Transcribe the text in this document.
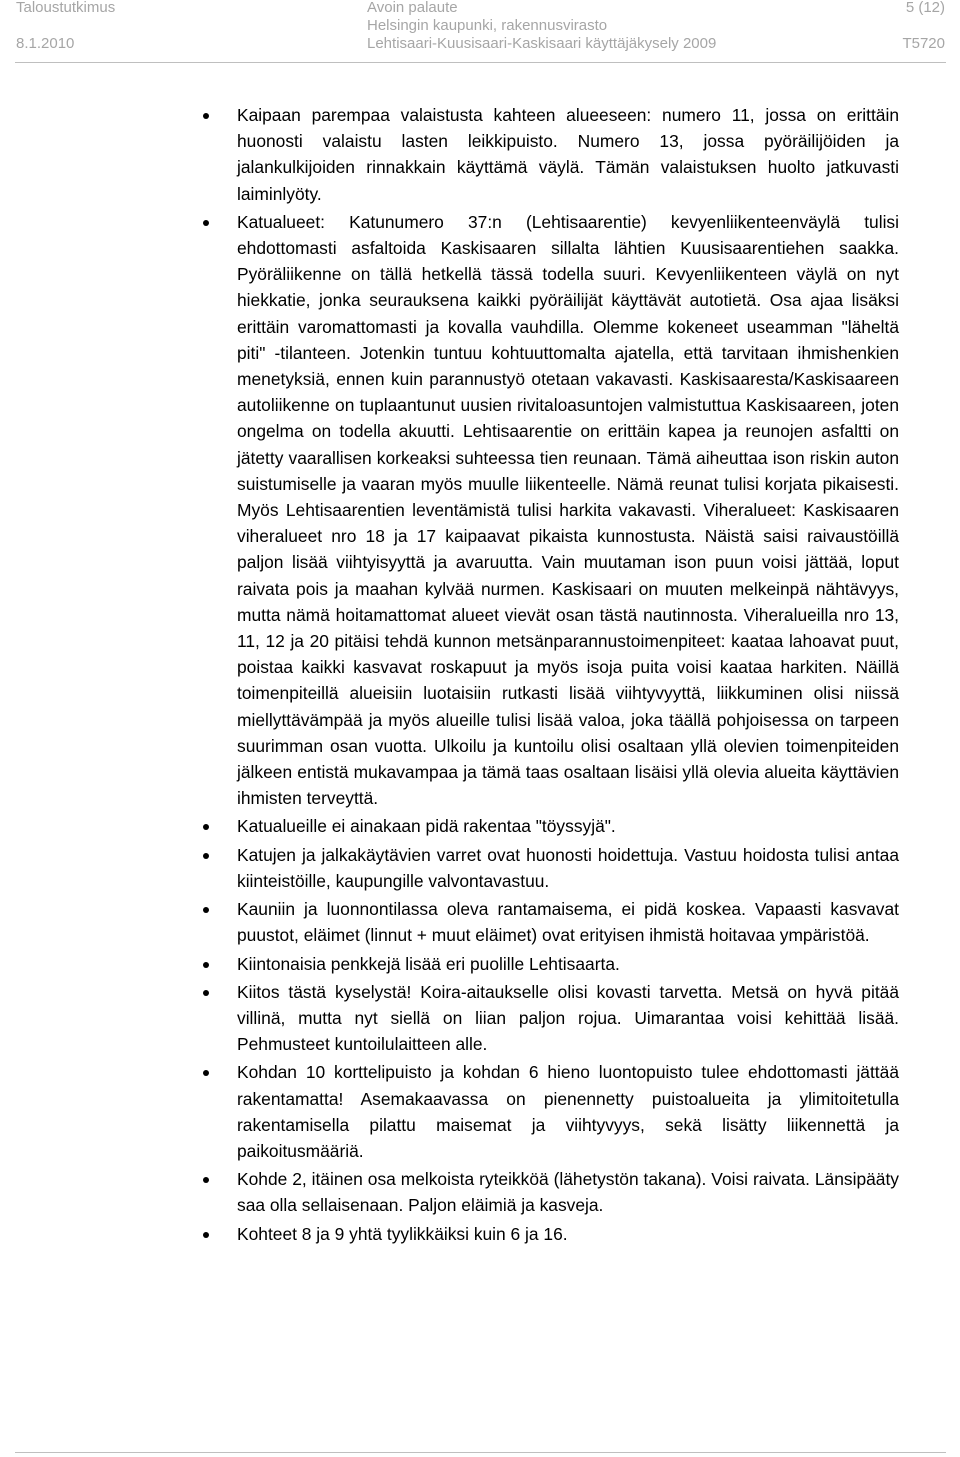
Taloustutkimus
8.1.2010
Avoin palaute
Helsingin kaupunki, rakennusvirasto
Lehtisaari-Kuusisaari-Kaskisaari käyttäjäkysely 2009
5 (12)
T5720
Kaipaan parempaa valaistusta kahteen alueeseen: numero 11, jossa on erittäin huonosti valaistu lasten leikkipuisto. Numero 13, jossa pyöräilijöiden ja jalankulkijoiden rinnakkain käyttämä väylä. Tämän valaistuksen huolto jatkuvasti laiminlyöty.
Katualueet: Katunumero 37:n (Lehtisaarentie) kevyenliikenteenväylä tulisi ehdottomasti asfaltoida Kaskisaaren sillalta lähtien Kuusisaarentiehen saakka. Pyöräliikenne on tällä hetkellä tässä todella suuri. Kevyenliikenteen väylä on nyt hiekkatie, jonka seurauksena kaikki pyöräilijät käyttävät autotietä. Osa ajaa lisäksi erittäin varomattomasti ja kovalla vauhdilla. Olemme kokeneet useamman "läheltä piti" -tilanteen. Jotenkin tuntuu kohtuuttomalta ajatella, että tarvitaan ihmishenkien menetyksiä, ennen kuin parannustyö otetaan vakavasti. Kaskisaaresta/Kaskisaareen autoliikenne on tuplaantunut uusien rivitaloasuntojen valmistuttua Kaskisaareen, joten ongelma on todella akuutti. Lehtisaarentie on erittäin kapea ja reunojen asfaltti on jätetty vaarallisen korkeaksi suhteessa tien reunaan. Tämä aiheuttaa ison riskin auton suistumiselle ja vaaran myös muulle liikenteelle. Nämä reunat tulisi korjata pikaisesti. Myös Lehtisaarentien leventämistä tulisi harkita vakavasti. Viheralueet: Kaskisaaren viheralueet nro 18 ja 17 kaipaavat pikaista kunnostusta. Näistä saisi raivaustöillä paljon lisää viihtyisyyttä ja avaruutta. Vain muutaman ison puun voisi jättää, loput raivata pois ja maahan kylvää nurmen. Kaskisaari on muuten melkeinpä nähtävyys, mutta nämä hoitamattomat alueet vievät osan tästä nautinnosta. Viheralueilla nro 13, 11, 12 ja 20 pitäisi tehdä kunnon metsänparannustoimenpiteet: kaataa lahoavat puut, poistaa kaikki kasvavat roskapuut ja myös isoja puita voisi kaataa harkiten. Näillä toimenpiteillä alueisiin luotaisiin rutkasti lisää viihtyvyyttä, liikkuminen olisi niissä miellyttävämpää ja myös alueille tulisi lisää valoa, joka täällä pohjoisessa on tarpeen suurimman osan vuotta. Ulkoilu ja kuntoilu olisi osaltaan yllä olevien toimenpiteiden jälkeen entistä mukavampaa ja tämä taas osaltaan lisäisi yllä olevia alueita käyttävien ihmisten terveyttä.
Katualueille ei ainakaan pidä rakentaa "töyssyjä".
Katujen ja jalkakäytävien varret ovat huonosti hoidettuja. Vastuu hoidosta tulisi antaa kiinteistöille, kaupungille valvontavastuu.
Kauniin ja luonnontilassa oleva rantamaisema, ei pidä koskea. Vapaasti kasvavat puustot, eläimet (linnut + muut eläimet) ovat erityisen ihmistä hoitavaa ympäristöä.
Kiintonaisia penkkejä lisää eri puolille Lehtisaarta.
Kiitos tästä kyselystä! Koira-aitaukselle olisi kovasti tarvetta. Metsä on hyvä pitää villinä, mutta nyt siellä on liian paljon rojua. Uimarantaa voisi kehittää lisää. Pehmusteet kuntoilulaitteen alle.
Kohdan 10 korttelipuisto ja kohdan 6 hieno luontopuisto tulee ehdottomasti jättää rakentamatta! Asemakaavassa on pienennetty puistoalueita ja ylimitoitetulla rakentamisella pilattu maisemat ja viihtyvyys, sekä lisätty liikennettä ja paikoitusmääriä.
Kohde 2, itäinen osa melkoista ryteikköä (lähetystön takana). Voisi raivata. Länsipääty saa olla sellaisenaan. Paljon eläimiä ja kasveja.
Kohteet 8 ja 9 yhtä tyylikkäiksi kuin 6 ja 16.
